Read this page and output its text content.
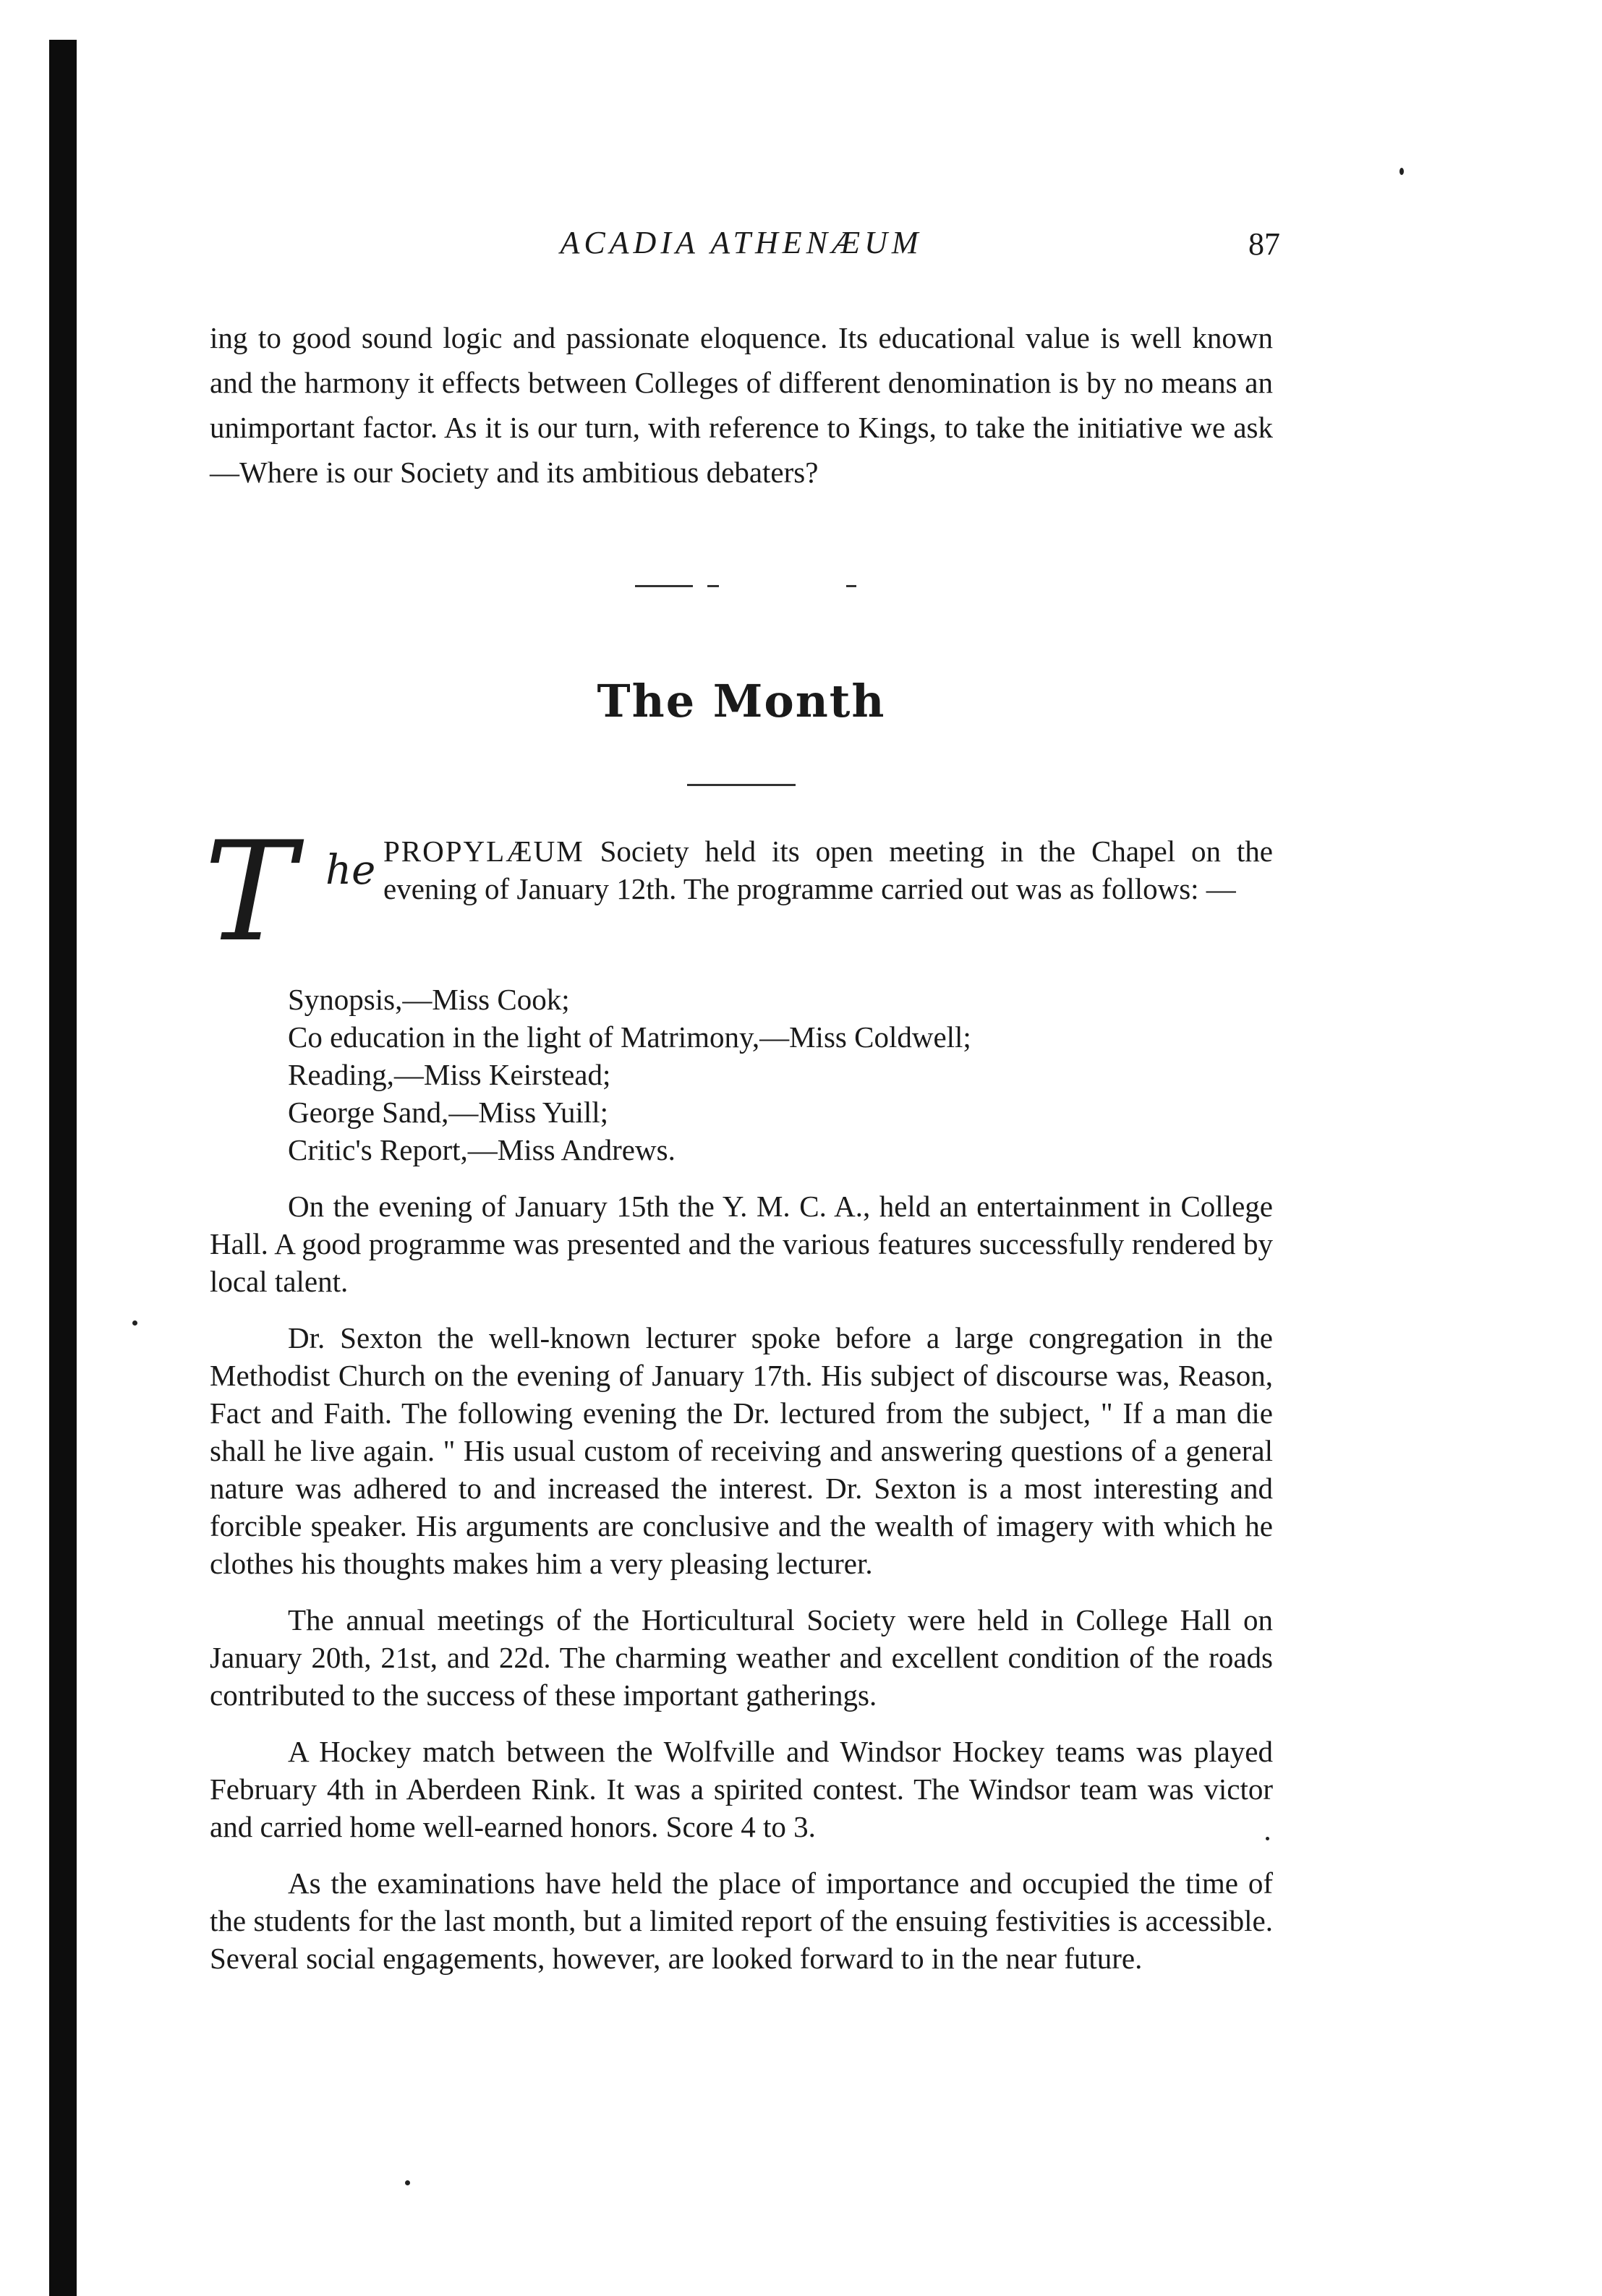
ACADIA ATHENÆUM	87

ing to good sound logic and passionate eloquence. Its educational value is well known and the harmony it effects between Colleges of different denomination is by no means an unimportant factor. As it is our turn, with reference to Kings, to take the initiative we ask—Where is our Society and its ambitious debaters?

The Month
T he PROPYLÆUM Society held its open meeting in the Chapel on the evening of January 12th. The programme carried out was as follows: —

Synopsis,—Miss Cook;
Co education in the light of Matrimony,—Miss Coldwell;
Reading,—Miss Keirstead;
George Sand,—Miss Yuill;
Critic's Report,—Miss Andrews.

On the evening of January 15th the Y. M. C. A., held an entertainment in College Hall. A good programme was presented and the various features successfully rendered by local talent.

Dr. Sexton the well-known lecturer spoke before a large congregation in the Methodist Church on the evening of January 17th. His subject of discourse was, Reason, Fact and Faith. The following evening the Dr. lectured from the subject, " If a man die shall he live again. " His usual custom of receiving and answering questions of a general nature was adhered to and increased the interest. Dr. Sexton is a most interesting and forcible speaker. His arguments are conclusive and the wealth of imagery with which he clothes his thoughts makes him a very pleasing lecturer.

The annual meetings of the Horticultural Society were held in College Hall on January 20th, 21st, and 22d. The charming weather and excellent condition of the roads contributed to the success of these important gatherings.

A Hockey match between the Wolfville and Windsor Hockey teams was played February 4th in Aberdeen Rink. It was a spirited contest. The Windsor team was victor and carried home well-earned honors. Score 4 to 3.

As the examinations have held the place of importance and occupied the time of the students for the last month, but a limited report of the ensuing festivities is accessible. Several social engagements, however, are looked forward to in the near future.
